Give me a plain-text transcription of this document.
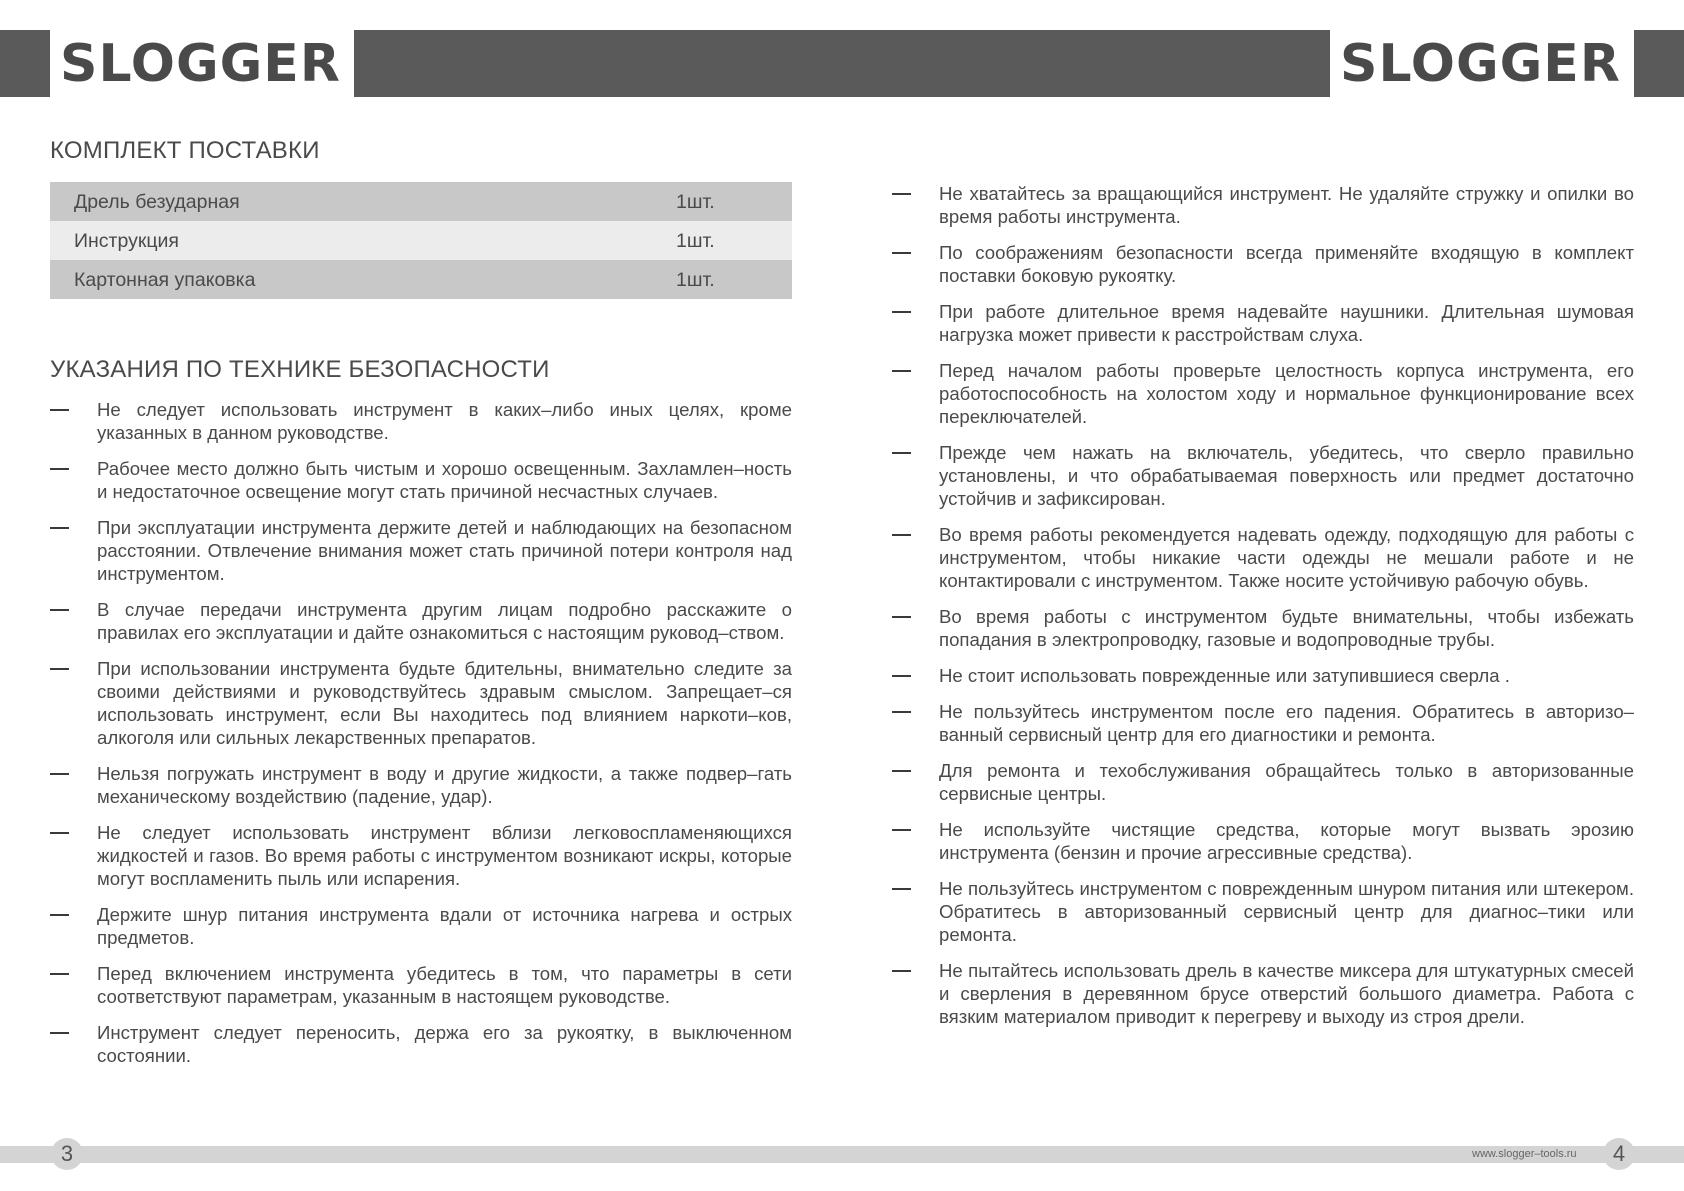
SLOGGER	SLOGGER
КОМПЛЕКТ ПОСТАВКИ
Дрель безударная	1шт.
Инструкция	1шт.
Картонная упаковка	1шт.
УКАЗАНИЯ ПО ТЕХНИКЕ БЕЗОПАСНОСТИ
Не следует использовать инструмент в каких–либо иных целях, кроме указанных в данном руководстве.
Рабочее место должно быть чистым и хорошо освещенным. Захламлен–ность и недостаточное освещение могут стать причиной несчастных случаев.
При эксплуатации инструмента держите детей и наблюдающих на безопасном расстоянии. Отвлечение внимания может стать причиной потери контроля над инструментом.
В случае передачи инструмента другим лицам подробно расскажите о правилах его эксплуатации и дайте ознакомиться с настоящим руковод–ством.
При использовании инструмента будьте бдительны, внимательно следите за своими действиями и руководствуйтесь здравым смыслом. Запрещает–ся использовать инструмент, если Вы находитесь под влиянием наркоти–ков, алкоголя или сильных лекарственных препаратов.
Нельзя погружать инструмент в воду и другие жидкости, а также подвер–гать механическому воздействию (падение, удар).
Не следует использовать инструмент вблизи легковоспламеняющихся жидкостей и газов. Во время работы с инструментом возникают искры, которые могут воспламенить пыль или испарения.
Держите шнур питания инструмента вдали от источника нагрева и острых предметов.
Перед включением инструмента убедитесь в том, что параметры в сети соответствуют параметрам, указанным в настоящем руководстве.
Инструмент следует переносить, держа его за рукоятку, в выключенном состоянии.
Не хватайтесь за вращающийся инструмент. Не удаляйте стружку и опилки во время работы инструмента.
По соображениям безопасности всегда применяйте входящую в комплект поставки боковую рукоятку.
При работе длительное время надевайте наушники. Длительная шумовая нагрузка может привести к расстройствам слуха.
Перед началом работы проверьте целостность корпуса инструмента, его работоспособность на холостом ходу и нормальное функционирование всех переключателей.
Прежде чем нажать на включатель, убедитесь, что сверло правильно установлены, и что обрабатываемая поверхность или предмет достаточно устойчив и зафиксирован.
Во время работы рекомендуется надевать одежду, подходящую для работы с инструментом, чтобы никакие части одежды не мешали работе и не контактировали с инструментом. Также носите устойчивую рабочую обувь.
Во время работы с инструментом будьте внимательны, чтобы избежать попадания в электропроводку, газовые и водопроводные трубы.
Не стоит использовать поврежденные или затупившиеся сверла .
Не пользуйтесь инструментом после его падения. Обратитесь в авторизо–ванный сервисный центр для его диагностики и ремонта.
Для ремонта и техобслуживания обращайтесь только в авторизованные сервисные центры.
Не используйте чистящие средства, которые могут вызвать эрозию инструмента (бензин и прочие агрессивные средства).
Не пользуйтесь инструментом с поврежденным шнуром питания или штекером. Обратитесь в авторизованный сервисный центр для диагнос–тики или ремонта.
Не пытайтесь использовать дрель в качестве миксера для штукатурных смесей и сверления в деревянном брусе отверстий большого диаметра. Работа с вязким материалом приводит к перегреву и выходу из строя дрели.
3	www.slogger–tools.ru	4
